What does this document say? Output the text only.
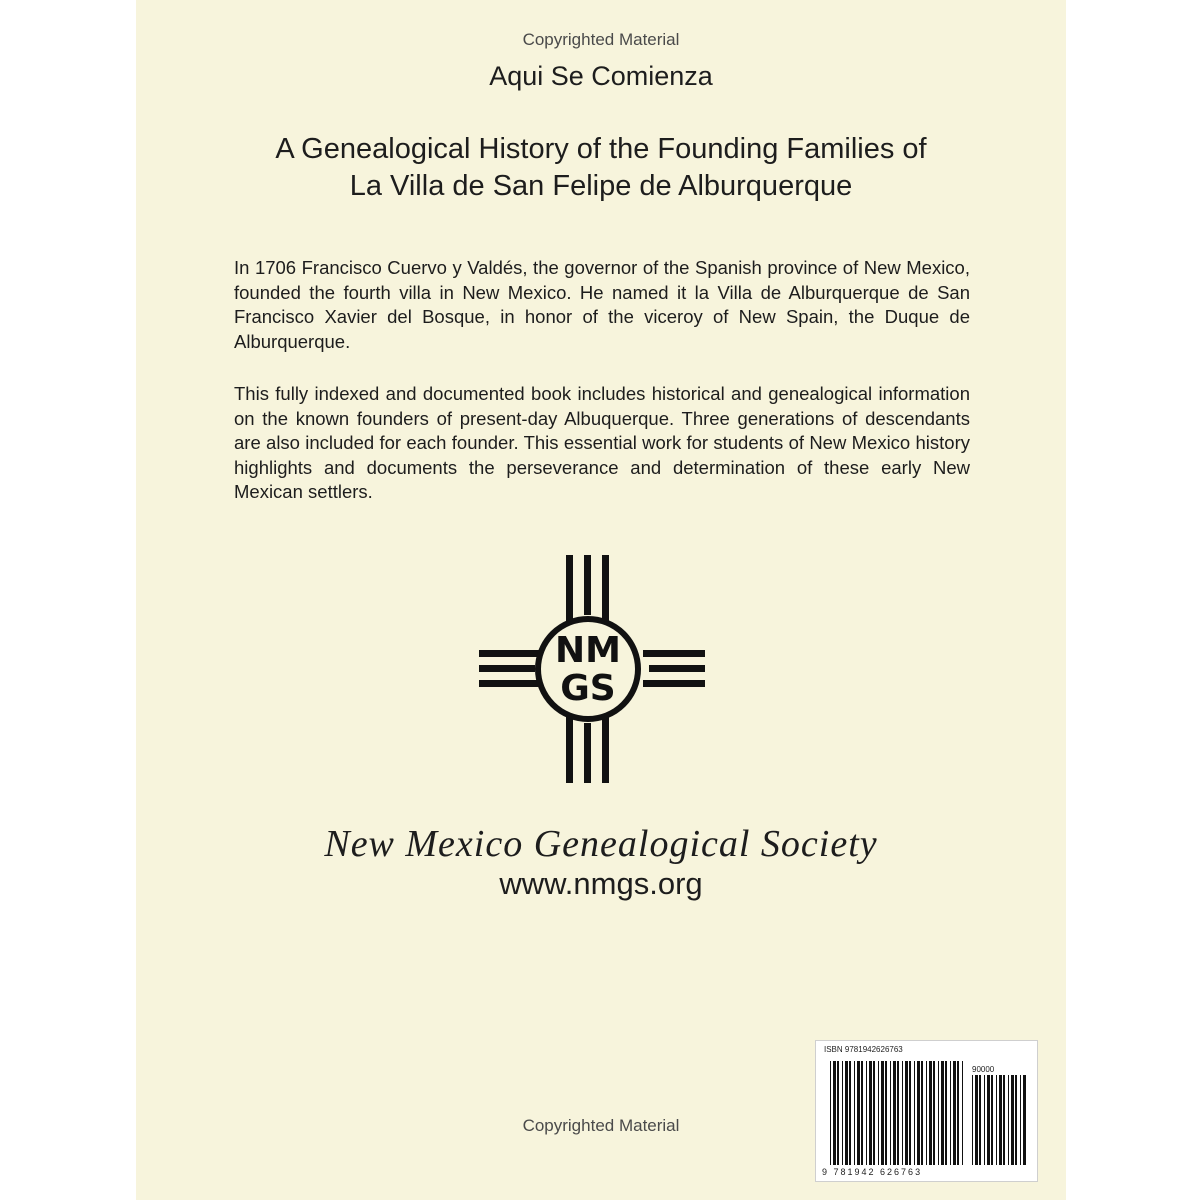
Copyrighted Material
Aqui Se Comienza
A Genealogical History of the Founding Families of
La Villa de San Felipe de Alburquerque

In 1706 Francisco Cuervo y Valdés, the governor of the Spanish province of New Mexico, founded the fourth villa in New Mexico. He named it la Villa de Alburquerque de San Francisco Xavier del Bosque, in honor of the viceroy of New Spain, the Duque de Alburquerque.

This fully indexed and documented book includes historical and genealogical information on the known founders of present-day Albuquerque. Three generations of descendants are also included for each founder. This essential work for students of New Mexico history highlights and documents the perseverance and determination of these early New Mexican settlers.

NM
GS
New Mexico Genealogical Society
www.nmgs.org
ISBN 9781942626763
90000
9 781942 626763
Copyrighted Material
